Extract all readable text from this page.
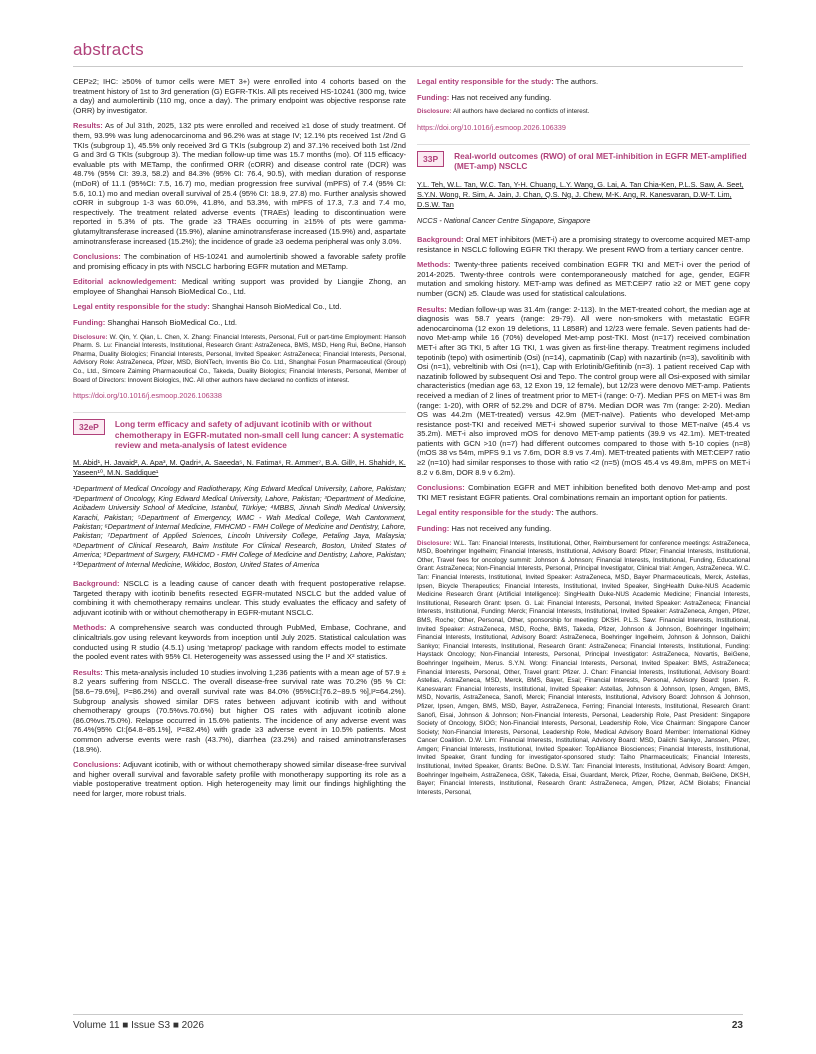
abstracts

CEP≥2; IHC: ≥50% of tumor cells were MET 3+) were enrolled into 4 cohorts based on the treatment history of 1st to 3rd generation (G) EGFR-TKIs. All pts received HS-10241 (300 mg, twice a day) and aumolertinib (110 mg, once a day). The primary endpoint was objective response rate (ORR) by investigator.

Results: As of Jul 31th, 2025, 132 pts were enrolled and received ≥1 dose of study treatment. Of them, 93.9% was lung adenocarcinoma and 96.2% was at stage IV; 12.1% pts received 1st /2nd G TKIs (subgroup 1), 45.5% only received 3rd G TKIs (subgroup 2) and 37.1% received both 1st /2nd G and 3rd G TKIs (subgroup 3). The median follow-up time was 15.7 months (mo). Of 115 efficacy-evaluable pts with METamp, the confirmed ORR (cORR) and disease control rate (DCR) was 48.7% (95% CI: 39.3, 58.2) and 84.3% (95% CI: 76.4, 90.5), with median duration of response (mDoR) of 11.1 (95%CI: 7.5, 16.7) mo, median progression free survival (mPFS) of 7.4 (95% CI: 5.6, 10.1) mo and median overall survival of 25.4 (95% CI: 18.9, 27.8) mo. Further analysis showed cORR in subgroup 1-3 was 60.0%, 41.8%, and 53.3%, with mPFS of 17.3, 7.3 and 7.4 mo, respectively. The treatment related adverse events (TRAEs) leading to discontinuation were reported in 5.3% of pts. The grade ≥3 TRAEs occurring in ≥15% of pts were gamma-glutamyltransferase increased (15.9%), alanine aminotransferase increased (15.9%) and, aspartate aminotransferase increased (15.2%); the incidence of grade ≥3 oedema peripheral was only 3.0%.

Conclusions: The combination of HS-10241 and aumolertinib showed a favorable safety profile and promising efficacy in pts with NSCLC harboring EGFR mutation and METamp.

Editorial acknowledgement: Medical writing support was provided by Liangjie Zhong, an employee of Shanghai Hansoh BioMedical Co., Ltd.

Legal entity responsible for the study: Shanghai Hansoh BioMedical Co., Ltd.

Funding: Shanghai Hansoh BioMedical Co., Ltd.

Disclosure: W. Qin, Y. Qian, L. Chen, X. Zhang: Financial Interests, Personal, Full or part-time Employment: Hansoh Pharm. S. Lu: Financial Interests, Institutional, Research Grant: AstraZeneca, BMS, MSD, Heng Rui, BeOne, Hansoh Pharma, Duality Biologics; Financial Interests, Personal, Invited Speaker: AstraZeneca; Financial Interests, Personal, Advisory Role: AstraZeneca, Pfizer, MSD, BioNTech, Inventis Bio Co. Ltd., Shanghai Fosun Pharmaceutical (Group) Co., Ltd., Simcere Zaiming Pharmaceutical Co., Takeda, Duality Biologics; Financial Interests, Personal, Member of Board of Directors: Innovent Biologics, INC. All other authors have declared no conflicts of interest.

https://doi.org/10.1016/j.esmoop.2026.106338
32eP	Long term efficacy and safety of adjuvant icotinib with or without chemotherapy in EGFR-mutated non-small cell lung cancer: A systematic review and meta-analysis of latest evidence
M. Abid¹, H. Javaid², A. Apa³, M. Qadri⁴, A. Saeeda⁵, N. Fatima⁶, R. Ammer⁷, B.A. Gill⁸, H. Shahid⁹, K. Yaseen¹⁰, M.N. Saddique¹
¹Department of Medical Oncology and Radiotherapy, King Edward Medical University, Lahore, Pakistan; ²Department of Oncology, King Edward Medical University, Lahore, Pakistan; ³Department of Medicine, Acibadem University School of Medicine, Istanbul, Türkiye; ⁴MBBS, Jinnah Sindh Medical University, Karachi, Pakistan; ⁵Department of Emergency, WMC - Wah Medical College, Wah Cantonment, Pakistan; ⁶Department of Internal Medicine, FMHCMD - FMH College of Medicine and Dentistry, Lahore, Pakistan; ⁷Department of Applied Sciences, Lincoln University College, Petaling Jaya, Malaysia; ⁸Department of Clinical Research, Baim Institute For Clinical Research, Boston, United States of America; ⁹Department of Surgery, FMHCMD - FMH College of Medicine and Dentistry, Lahore, Pakistan; ¹⁰Department of Internal Medicine, Wikidoc, Boston, United States of America

Background: NSCLC is a leading cause of cancer death with frequent postoperative relapse. Targeted therapy with icotinib benefits resected EGFR-mutated NSCLC but the added value of combining it with chemotherapy remains unclear. This study evaluates the efficacy and safety of adjuvant icotinib with or without chemotherapy in EGFR-mutant NSCLC.

Methods: A comprehensive search was conducted through PubMed, Embase, Cochrane, and clinicaltrials.gov using relevant keywords from inception until July 2025. Statistical calculation was conducted using R studio (4.5.1) using ‘metaprop’ package with random effects model to estimate the pooled event rates with 95% CI. Heterogeneity was assessed using the I² and X² statistics.

Results: This meta-analysis included 10 studies involving 1,236 patients with a mean age of 57.9 ± 8.2 years suffering from NSCLC. The overall disease-free survival rate was 70.2% (95 % CI:[58.6−79.6%], I²=86.2%) and overall survival rate was 84.0% (95%CI:[76.2−89.5 %],I²=64.2%). Subgroup analysis showed similar DFS rates between adjuvant icotinib with and without chemotherapy groups (70.5%vs.70.6%) but higher OS rates with adjuvant icotinib alone (86.0%vs.75.0%). Relapse occurred in 15.6% patients. The incidence of any adverse event was 76.4%(95% CI:[64.8−85.1%], I²=82.4%) with grade ≥3 adverse event in 10.5% patients. Most common adverse events were rash (43.7%), diarrhea (23.2%) and raised aminotransferases (18.9%).

Conclusions: Adjuvant icotinib, with or without chemotherapy showed similar disease-free survival and higher overall survival and favorable safety profile with monotherapy supporting its role as a viable postoperative treatment option. High heterogeneity may limit our findings highlighting the need for larger, more robust trials.

Legal entity responsible for the study: The authors.

Funding: Has not received any funding.

Disclosure: All authors have declared no conflicts of interest.

https://doi.org/10.1016/j.esmoop.2026.106339
33P	Real-world outcomes (RWO) of oral MET-inhibition in EGFR MET-amplified (MET-amp) NSCLC
Y.L. Teh, W.L. Tan, W.C. Tan, Y-H. Chuang, L.Y. Wang, G. Lai, A. Tan Chia-Ken, P.L.S. Saw, A. Seet, S.Y.N. Wong, R. Sim, A. Jain, J. Chan, Q.S. Ng, J. Chew, M-K. Ang, R. Kanesvaran, D.W-T. Lim, D.S.W. Tan
NCCS - National Cancer Centre Singapore, Singapore

Background: Oral MET inhibitors (MET-i) are a promising strategy to overcome acquired MET-amp resistance in NSCLC following EGFR TKI therapy. We present RWO from a tertiary cancer centre.

Methods: Twenty-three patients received combination EGFR TKI and MET-i over the period of 2014-2025. Twenty-three controls were contemporaneously matched for age, gender, EGFR mutation and smoking history. MET-amp was defined as MET:CEP7 ratio ≥2 or MET gene copy number (GCN) ≥5. Claude was used for statistical calculations.

Results: Median follow-up was 31.4m (range: 2-113). In the MET-treated cohort, the median age at diagnosis was 58.7 years (range: 29-79). All were non-smokers with metastatic EGFR adenocarcinoma (12 exon 19 deletions, 11 L858R) and 12/23 were female. Seven patients had de-novo Met-amp while 16 (70%) developed Met-amp post-TKI. Most (n=17) received combination MET-i after 3G TKI, 5 after 1G TKI, 1 was given as first-line therapy. Treatment regimens included tepotinib (tepo) with osimertinib (Osi) (n=14), capmatinib (Cap) with nazartinib (n=3), savolitinib with Osi (n=1), vebreltinib with Osi (n=1), Cap with Erlotinib/Gefitinib (n=3). 1 patient received Cap with nazatinib followed by subsequent Osi and Tepo. The control group were all Osi-exposed with similar characteristics (median age 63, 12 Exon 19, 12 female), but 12/23 were denovo MET-amp. Patients received a median of 2 lines of treatment prior to MET-i (range: 0-7). Median PFS on MET-i was 8m (range: 1-20), with ORR of 52.2% and DCR of 87%. Median DOR was 7m (range: 2-20). Median OS was 44.2m (MET-treated) versus 42.9m (MET-naïve). Patients who developed Met-amp resistance post-TKI and received MET-i showed superior survival to those MET-naïve (45.4 vs 35.2m). MET-i also improved mOS for denovo MET-amp patients (39.9 vs 42.1m). MET-treated patients with GCN >10 (n=7) had different outcomes compared to those with 5-10 copies (n=8) (mOS 38 vs 54m, mPFS 9.1 vs 7.6m, DOR 8.9 vs 7.4m). MET-treated patients with MET:CEP7 ratio ≥2 (n=10) had similar responses to those with ratio <2 (n=5) (mOS 45.4 vs 49.8m, mPFS on MET-i 8.2 v 6.8m, DOR 8.9 v 6.2m).

Conclusions: Combination EGFR and MET inhibition benefited both denovo Met-amp and post TKI MET resistant EGFR patients. Oral combinations remain an important option for patients.

Legal entity responsible for the study: The authors.

Funding: Has not received any funding.

Disclosure: W.L. Tan: Financial Interests, Institutional, Other, Reimbursement for conference meetings: AstraZeneca, MSD, Boehringer Ingelheim; Financial Interests, Institutional, Advisory Board: Pfizer; Financial Interests, Institutional, Other, Travel fees for oncology summit: Johnson & Johnson; Financial Interests, Institutional, Funding, Educational Grant: AstraZeneca; Non-Financial Interests, Personal, Principal Investigator, Clinical trial: Amgen, AstraZeneca. W.C. Tan: Financial Interests, Institutional, Invited Speaker: AstraZeneca, MSD, Bayer Pharmaceuticals, Merck, Astellas, Ipsen, Bicycle Therapeutics; Financial Interests, Institutional, Invited Speaker, SingHealth Duke-NUS Academic Medicine Research Grant (Artificial Intelligence): SingHealth Duke-NUS Academic Medicine; Financial Interests, Institutional, Research Grant: Ipsen. G. Lai: Financial Interests, Personal, Invited Speaker: AstraZeneca; Financial Interests, Institutional, Funding: Merck; Financial Interests, Institutional, Invited Speaker: AstraZeneca, Amgen, Pfizer, BMS, Roche; Other, Personal, Other, sponsorship for meeting: DKSH. P.L.S. Saw: Financial Interests, Institutional, Invited Speaker: AstraZeneca, MSD, Roche, BMS, Takeda, Pfizer, Johnson & Johnson, Boehringer Ingelheim; Financial Interests, Institutional, Advisory Board: AstraZeneca, Boehringer Ingelheim, Johnson & Johnson, Daiichi Sankyo; Financial Interests, Institutional, Research Grant: AstraZeneca; Financial Interests, Institutional, Funding: Haystack Oncology; Non-Financial Interests, Personal, Principal Investigator: AstraZeneca, Novartis, BeiGene, Boehringer Ingelheim, Merus. S.Y.N. Wong: Financial Interests, Personal, Invited Speaker: BMS, AstraZeneca; Financial Interests, Personal, Other, Travel grant: Pfizer. J. Chan: Financial Interests, Institutional, Advisory Board: Astellas, AstraZeneca, MSD, Merck, BMS, Bayer, Esai; Financial Interests, Personal, Advisory Board: Ipsen. R. Kanesvaran: Financial Interests, Institutional, Invited Speaker: Astellas, Johnson & Johnson, Ipsen, Amgen, BMS, MSD, Novartis, AstraZeneca, Sanofi, Merck; Financial Interests, Institutional, Advisory Board: Johnson & Johnson, Pfizer, Ipsen, Amgen, BMS, MSD, Bayer, AstraZeneca, Ferring; Financial Interests, Institutional, Research Grant: Sanofi, Eisai, Johnson & Johnson; Non-Financial Interests, Personal, Leadership Role, Past President: Singapore Society of Oncology, SIOG; Non-Financial Interests, Personal, Leadership Role, Vice Chairman: Singapore Cancer Society; Non-Financial Interests, Personal, Leadership Role, Medical Advisory Board Member: International Kidney Cancer Coalition. D.W. Lim: Financial Interests, Institutional, Advisory Board: MSD, Daiichi Sankyo, Janssen, Pfizer, Amgen; Financial Interests, Institutional, Invited Speaker: TopAlliance Biosciences; Financial Interests, Institutional, Invited Speaker, Grant funding for investigator-sponsored study: Taiho Pharmaceuticals; Financial Interests, Institutional, Invited Speaker, Grants: BeOne. D.S.W. Tan: Financial Interests, Institutional, Advisory Board: Amgen, Boehringer Ingelheim, AstraZeneca, GSK, Takeda, Eisai, Guardant, Merck, Pfizer, Roche, Genmab, BeiGene, DKSH, Bayer; Financial Interests, Institutional, Research Grant: AstraZeneca, Amgen, Pfizer, ACM Biolabs; Financial Interests, Personal,

Volume 11 ■ Issue S3 ■ 2026	23
